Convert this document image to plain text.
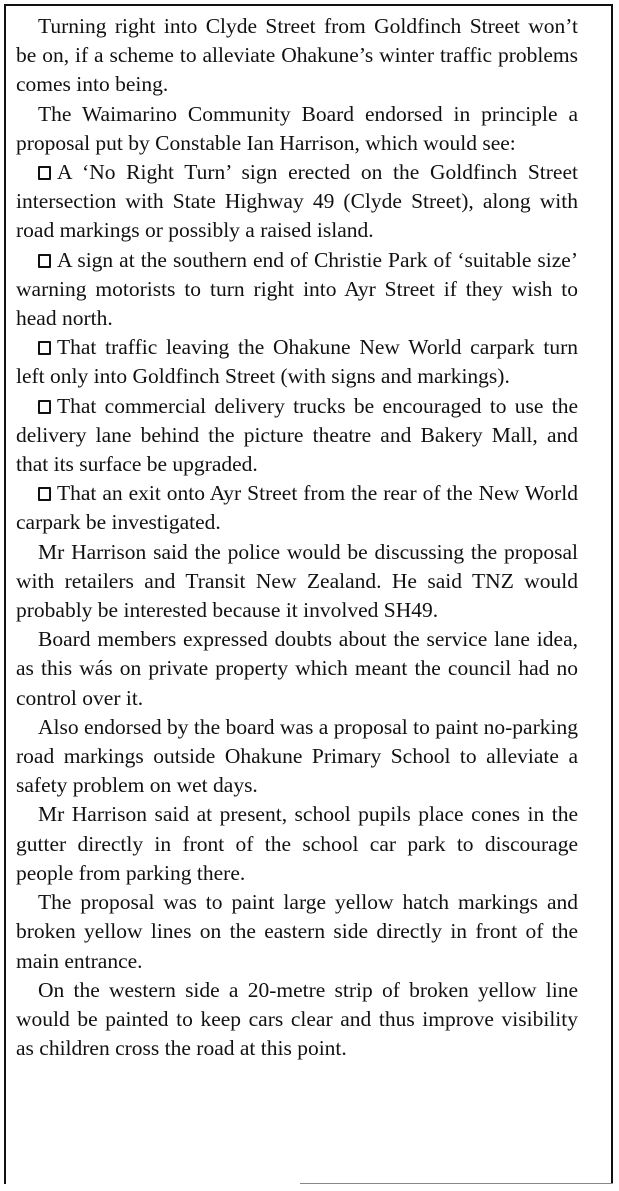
Turning right into Clyde Street from Goldfinch Street won’t be on, if a scheme to alleviate Ohakune’s winter traffic problems comes into being.

The Waimarino Community Board endorsed in principle a proposal put by Constable Ian Harrison, which would see:

A ‘No Right Turn’ sign erected on the Goldfinch Street intersection with State Highway 49 (Clyde Street), along with road markings or possibly a raised island.

A sign at the southern end of Christie Park of ‘suitable size’ warning motorists to turn right into Ayr Street if they wish to head north.

That traffic leaving the Ohakune New World carpark turn left only into Goldfinch Street (with signs and markings).

That commercial delivery trucks be encouraged to use the delivery lane behind the picture theatre and Bakery Mall, and that its surface be upgraded.

That an exit onto Ayr Street from the rear of the New World carpark be investigated.

Mr Harrison said the police would be discussing the proposal with retailers and Transit New Zealand. He said TNZ would probably be interested because it involved SH49.

Board members expressed doubts about the service lane idea, as this wás on private property which meant the council had no control over it.

Also endorsed by the board was a proposal to paint no-parking road markings outside Ohakune Primary School to alleviate a safety problem on wet days.

Mr Harrison said at present, school pupils place cones in the gutter directly in front of the school car park to discourage people from parking there.

The proposal was to paint large yellow hatch markings and broken yellow lines on the eastern side directly in front of the main entrance.

On the western side a 20-metre strip of broken yellow line would be painted to keep cars clear and thus improve visibility as children cross the road at this point.
